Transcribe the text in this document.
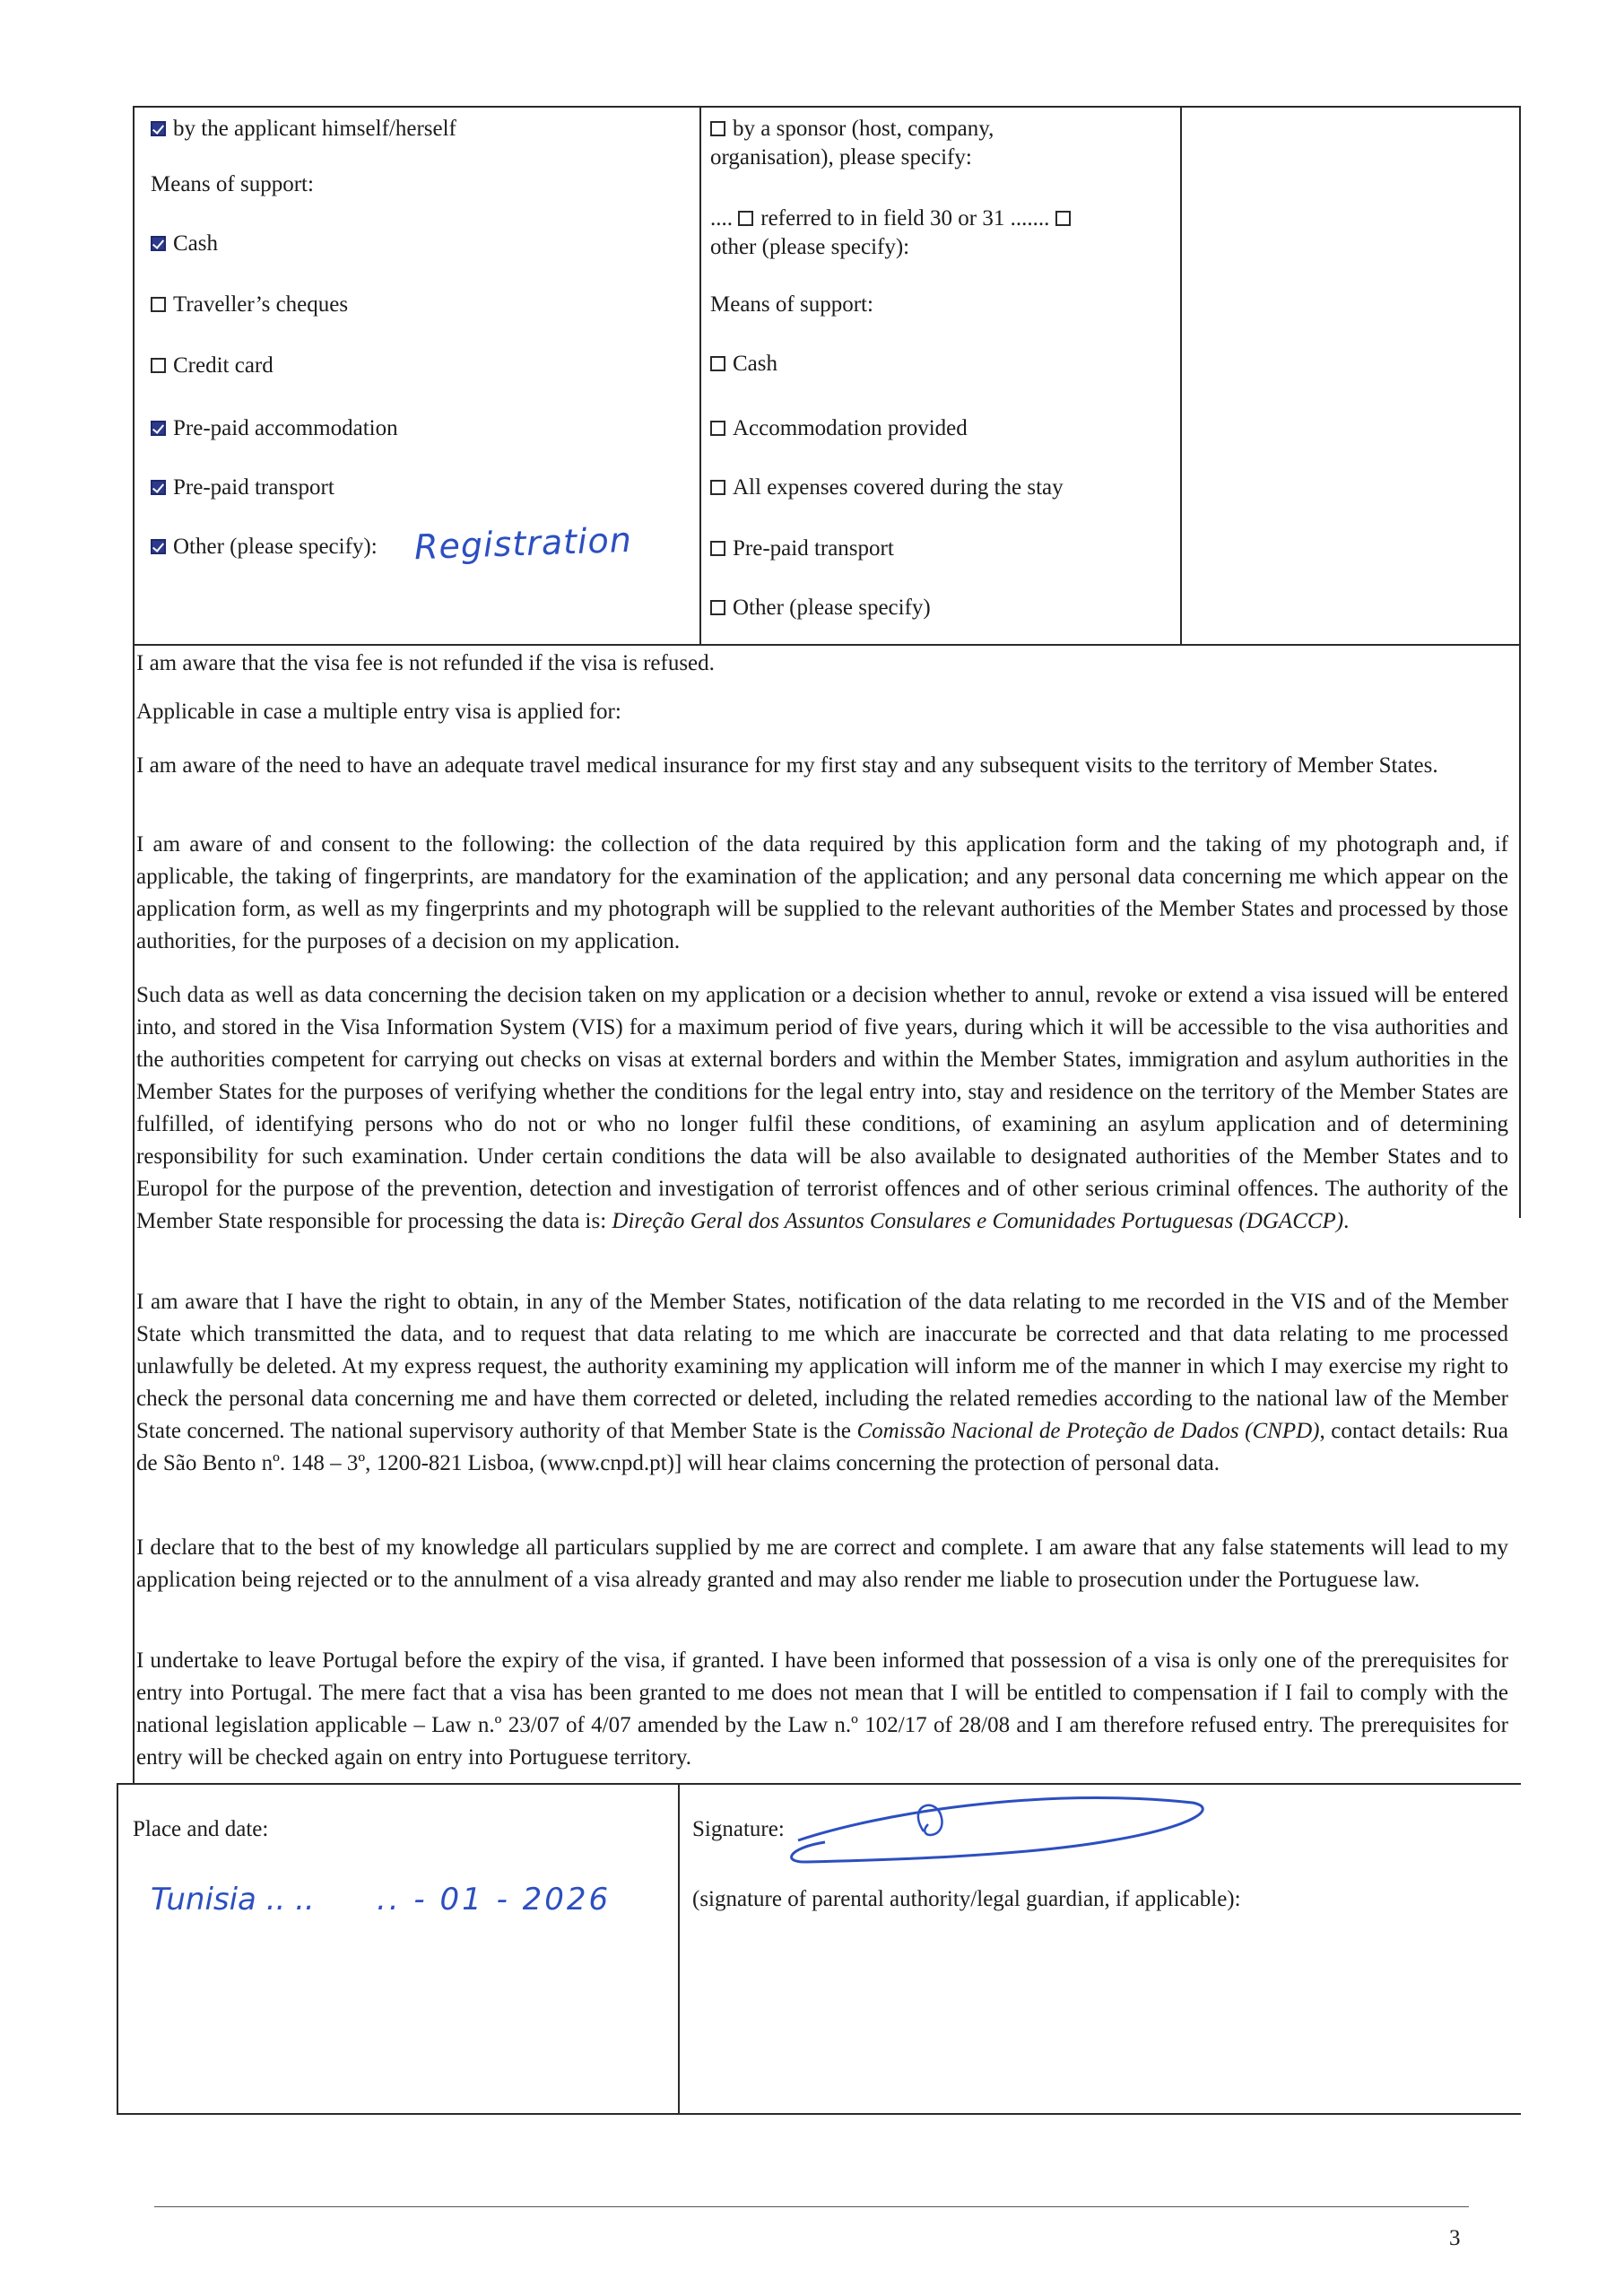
by the applicant himself/herself
Means of support:
Cash
Traveller’s cheques
Credit card
Pre-paid accommodation
Pre-paid transport
Other (please specify): Registration
by a sponsor (host, company,
organisation), please specify:
.... referred to in field 30 or 31 .......
other (please specify):
Means of support:
Cash
Accommodation provided
All expenses covered during the stay
Pre-paid transport
Other (please specify)
I am aware that the visa fee is not refunded if the visa is refused.
Applicable in case a multiple entry visa is applied for:
I am aware of the need to have an adequate travel medical insurance for my first stay and any subsequent visits to the territory of Member States.
I am aware of and consent to the following: the collection of the data required by this application form and the taking of my photograph and, if applicable, the taking of fingerprints, are mandatory for the examination of the application; and any personal data concerning me which appear on the application form, as well as my fingerprints and my photograph will be supplied to the relevant authorities of the Member States and processed by those authorities, for the purposes of a decision on my application.
Such data as well as data concerning the decision taken on my application or a decision whether to annul, revoke or extend a visa issued will be entered into, and stored in the Visa Information System (VIS) for a maximum period of five years, during which it will be accessible to the visa authorities and the authorities competent for carrying out checks on visas at external borders and within the Member States, immigration and asylum authorities in the Member States for the purposes of verifying whether the conditions for the legal entry into, stay and residence on the territory of the Member States are fulfilled, of identifying persons who do not or who no longer fulfil these conditions, of examining an asylum application and of determining responsibility for such examination. Under certain conditions the data will be also available to designated authorities of the Member States and to Europol for the purpose of the prevention, detection and investigation of terrorist offences and of other serious criminal offences. The authority of the Member State responsible for processing the data is: Direção Geral dos Assuntos Consulares e Comunidades Portuguesas (DGACCP).
I am aware that I have the right to obtain, in any of the Member States, notification of the data relating to me recorded in the VIS and of the Member State which transmitted the data, and to request that data relating to me which are inaccurate be corrected and that data relating to me processed unlawfully be deleted. At my express request, the authority examining my application will inform me of the manner in which I may exercise my right to check the personal data concerning me and have them corrected or deleted, including the related remedies according to the national law of the Member State concerned. The national supervisory authority of that Member State is the Comissão Nacional de Proteção de Dados (CNPD), contact details: Rua de São Bento nº. 148 – 3º, 1200-821 Lisboa, (www.cnpd.pt)] will hear claims concerning the protection of personal data.
I declare that to the best of my knowledge all particulars supplied by me are correct and complete. I am aware that any false statements will lead to my application being rejected or to the annulment of a visa already granted and may also render me liable to prosecution under the Portuguese law.
I undertake to leave Portugal before the expiry of the visa, if granted. I have been informed that possession of a visa is only one of the prerequisites for entry into Portugal. The mere fact that a visa has been granted to me does not mean that I will be entitled to compensation if I fail to comply with the national legislation applicable – Law n.º 23/07 of 4/07 amended by the Law n.º 102/17 of 28/08 and I am therefore refused entry. The prerequisites for entry will be checked again on entry into Portuguese territory.
Place and date:
Tunisia .. .. .. - 01 - 2026
Signature:
(signature of parental authority/legal guardian, if applicable):
3
